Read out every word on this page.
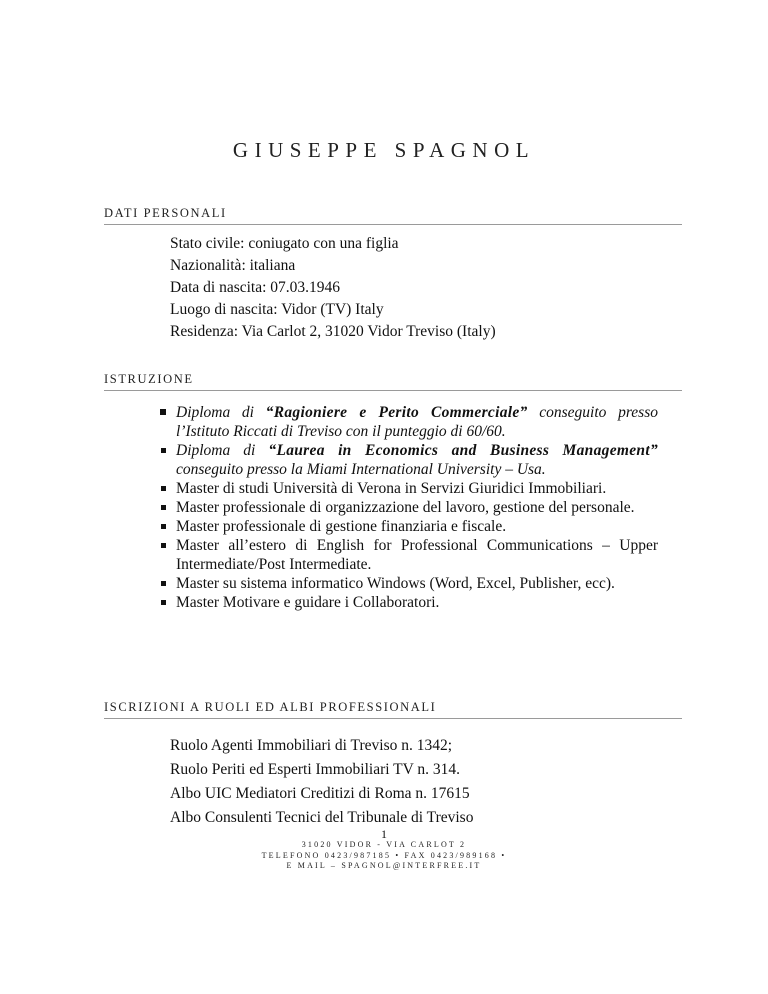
GIUSEPPE SPAGNOL
DATI PERSONALI
Stato civile: coniugato con una figlia
Nazionalità: italiana
Data di nascita: 07.03.1946
Luogo di nascita: Vidor (TV) Italy
Residenza: Via Carlot 2, 31020 Vidor Treviso (Italy)
ISTRUZIONE
Diploma di “Ragioniere e Perito Commerciale” conseguito presso l’Istituto Riccati di Treviso con il punteggio di 60/60.
Diploma di “Laurea in Economics and Business Management” conseguito presso la Miami International University – Usa.
Master di studi Università di Verona in Servizi Giuridici Immobiliari.
Master professionale di organizzazione del lavoro, gestione del personale.
Master professionale di gestione finanziaria e fiscale.
Master all’estero di English for Professional Communications – Upper Intermediate/Post Intermediate.
Master su sistema informatico Windows (Word, Excel, Publisher, ecc).
Master Motivare e guidare i Collaboratori.
ISCRIZIONI A RUOLI ED ALBI PROFESSIONALI
Ruolo Agenti Immobiliari di Treviso n. 1342;
Ruolo Periti ed Esperti Immobiliari TV n. 314.
Albo UIC Mediatori Creditizi di Roma n. 17615
Albo Consulenti Tecnici del Tribunale di Treviso
1
31020 VIDOR - VIA CARLOT 2
TELEFONO 0423/987185 • FAX 0423/989168 •
E MAIL – SPAGNOL@INTERFREE.IT
